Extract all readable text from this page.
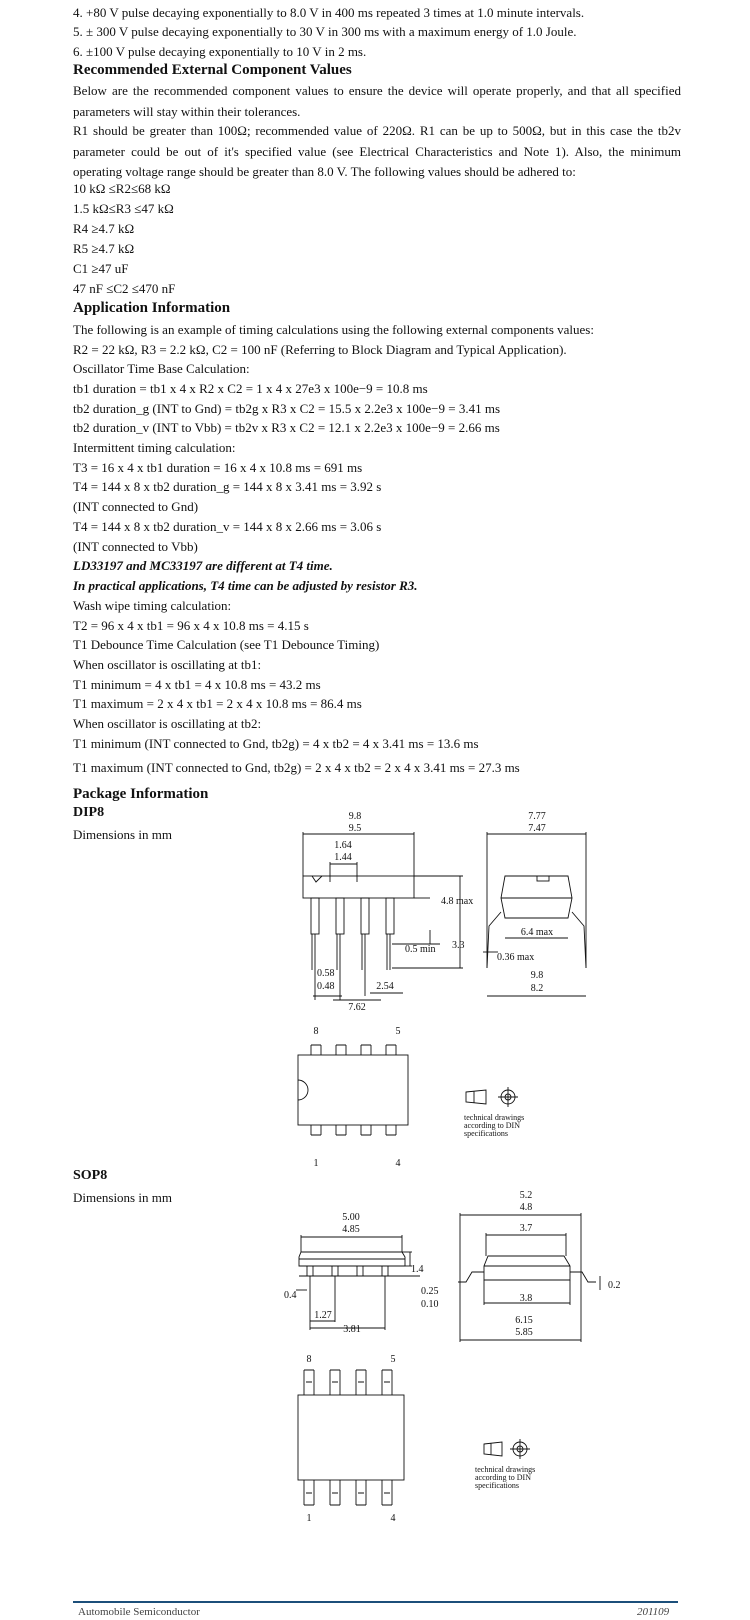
4. +80 V pulse decaying exponentially to 8.0 V in 400 ms repeated 3 times at 1.0 minute intervals.
5. ± 300 V pulse decaying exponentially to 30 V in 300 ms with a maximum energy of 1.0 Joule.
6. ±100 V pulse decaying exponentially to 10 V in 2 ms.
Recommended External Component Values
Below are the recommended component values to ensure the device will operate properly, and that all specified parameters will stay within their tolerances.
R1 should be greater than 100Ω; recommended value of 220Ω. R1 can be up to 500Ω, but in this case the tb2v parameter could be out of it's specified value (see Electrical Characteristics and Note 1). Also, the minimum operating voltage range should be greater than 8.0 V. The following values should be adhered to:
10 kΩ ≤R2≤68 kΩ
1.5 kΩ≤R3 ≤47 kΩ
R4 ≥4.7 kΩ
R5 ≥4.7 kΩ
C1 ≥47 uF
47 nF ≤C2 ≤470 nF
Application Information
The following is an example of timing calculations using the following external components values:
R2 = 22 kΩ, R3 = 2.2 kΩ, C2 = 100 nF (Referring to Block Diagram and Typical Application).
Oscillator Time Base Calculation:
tb1 duration = tb1 x 4 x R2 x C2 = 1 x 4 x 27e3 x 100e−9 = 10.8 ms
tb2 duration_g (INT to Gnd) = tb2g x R3 x C2 = 15.5 x 2.2e3 x 100e−9 = 3.41 ms
tb2 duration_v (INT to Vbb) = tb2v x R3 x C2 = 12.1 x 2.2e3 x 100e−9 = 2.66 ms
Intermittent timing calculation:
T3 = 16 x 4 x tb1 duration = 16 x 4 x 10.8 ms = 691 ms
T4 = 144 x 8 x tb2 duration_g = 144 x 8 x 3.41 ms = 3.92 s
(INT connected to Gnd)
T4 = 144 x 8 x tb2 duration_v = 144 x 8 x 2.66 ms = 3.06 s
(INT connected to Vbb)
LD33197 and MC33197 are different at T4 time.
In practical applications, T4 time can be adjusted by resistor R3.
Wash wipe timing calculation:
T2 = 96 x 4 x tb1 = 96 x 4 x 10.8 ms = 4.15 s
T1 Debounce Time Calculation (see T1 Debounce Timing)
When oscillator is oscillating at tb1:
T1 minimum = 4 x tb1 = 4 x 10.8 ms = 43.2 ms
T1 maximum = 2 x 4 x tb1 = 2 x 4 x 10.8 ms = 86.4 ms
When oscillator is oscillating at tb2:
T1 minimum (INT connected to Gnd, tb2g) = 4 x tb2 = 4 x 3.41 ms = 13.6 ms
T1 maximum (INT connected to Gnd, tb2g) = 2 x 4 x tb2 = 2 x 4 x 3.41 ms = 27.3 ms
Package Information
DIP8
Dimensions in mm
9.8
9.5
1.64
1.44
4.8 max
0.5 min 3.3
0.58
0.48	2.54
7.62
7.77
7.47
6.4 max
0.36 max
9.8
8.2
8	5
1	4
technical drawings
according to DIN
specifications
SOP8
Dimensions in mm
5.00
4.85
1.4
0.25
0.10
0.4
1.27
3.81
5.2
4.8
3.7
0.2
3.8
6.15
5.85
8	5
1	4
technical drawings
according to DIN
specifications
Automobile Semiconductor	201109
